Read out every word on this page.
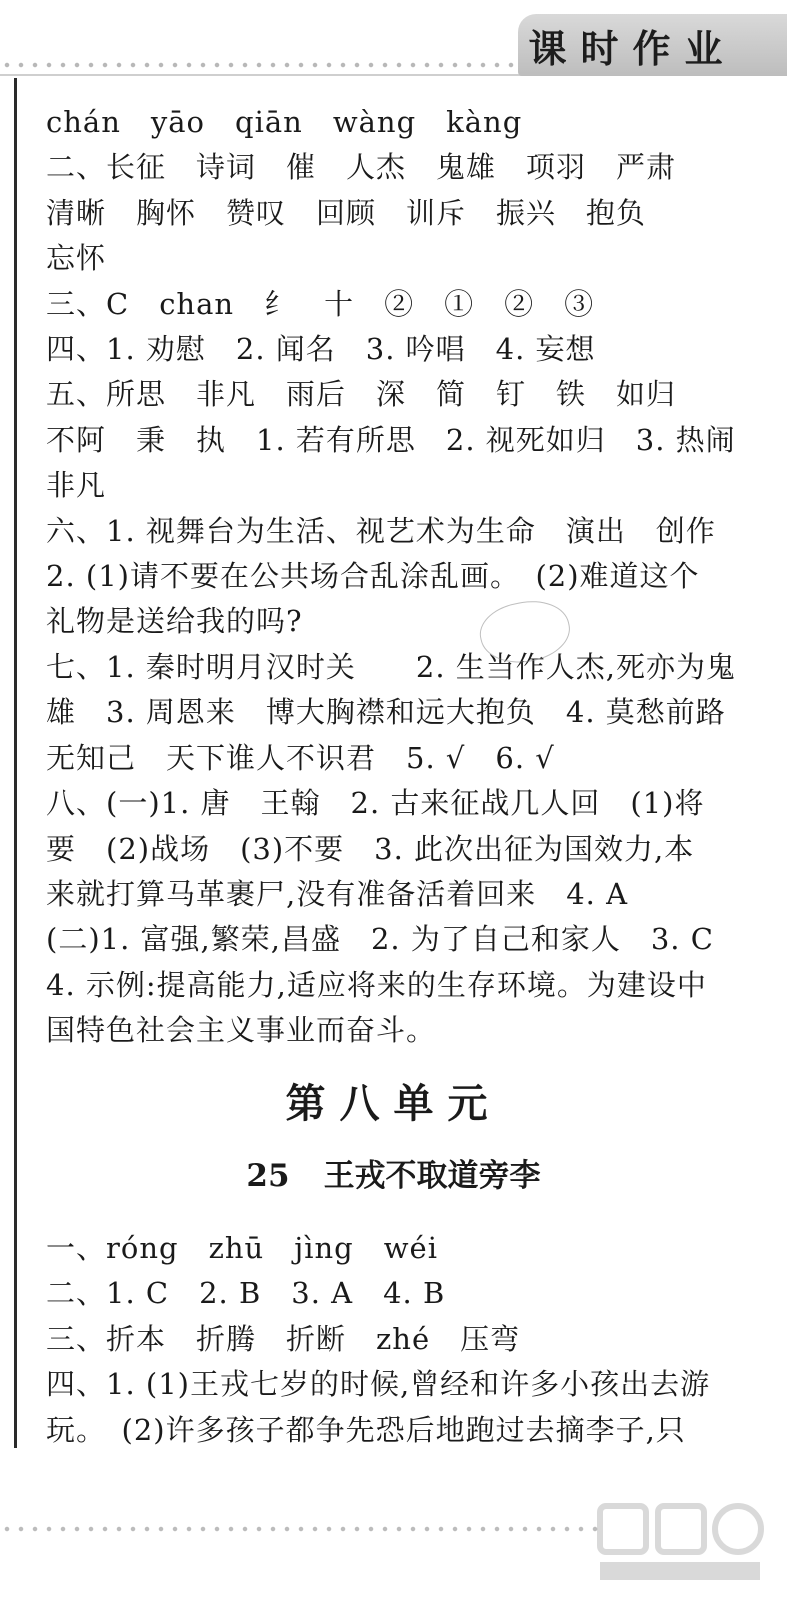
课时作业
chán　yāo　qiān　wàng　kàng
二、长征　诗词　催　人杰　鬼雄　项羽　严肃
清晰　胸怀　赞叹　回顾　训斥　振兴　抱负
忘怀
三、C　chan　纟　十　②　①　②　③
四、1. 劝慰　2. 闻名　3. 吟唱　4. 妄想
五、所思　非凡　雨后　深　简　钉　铁　如归
不阿　秉　执　1. 若有所思　2. 视死如归　3. 热闹
非凡
六、1. 视舞台为生活、视艺术为生命　演出　创作
2. (1)请不要在公共场合乱涂乱画。　(2)难道这个
礼物是送给我的吗?
七、1. 秦时明月汉时关　　2. 生当作人杰,死亦为鬼
雄　3. 周恩来　博大胸襟和远大抱负　4. 莫愁前路
无知己　天下谁人不识君　5. √　6. √
八、(一)1. 唐　王翰　2. 古来征战几人回　(1)将
要　(2)战场　(3)不要　3. 此次出征为国效力,本
来就打算马革裹尸,没有准备活着回来　4. A
(二)1. 富强,繁荣,昌盛　2. 为了自己和家人　3. C
4. 示例:提高能力,适应将来的生存环境。为建设中
国特色社会主义事业而奋斗。
第八单元
25 王戎不取道旁李
一、róng　zhū　jìng　wéi
二、1. C　2. B　3. A　4. B
三、折本　折腾　折断　zhé　压弯
四、1. (1)王戎七岁的时候,曾经和许多小孩出去游
玩。　(2)许多孩子都争先恐后地跑过去摘李子,只
